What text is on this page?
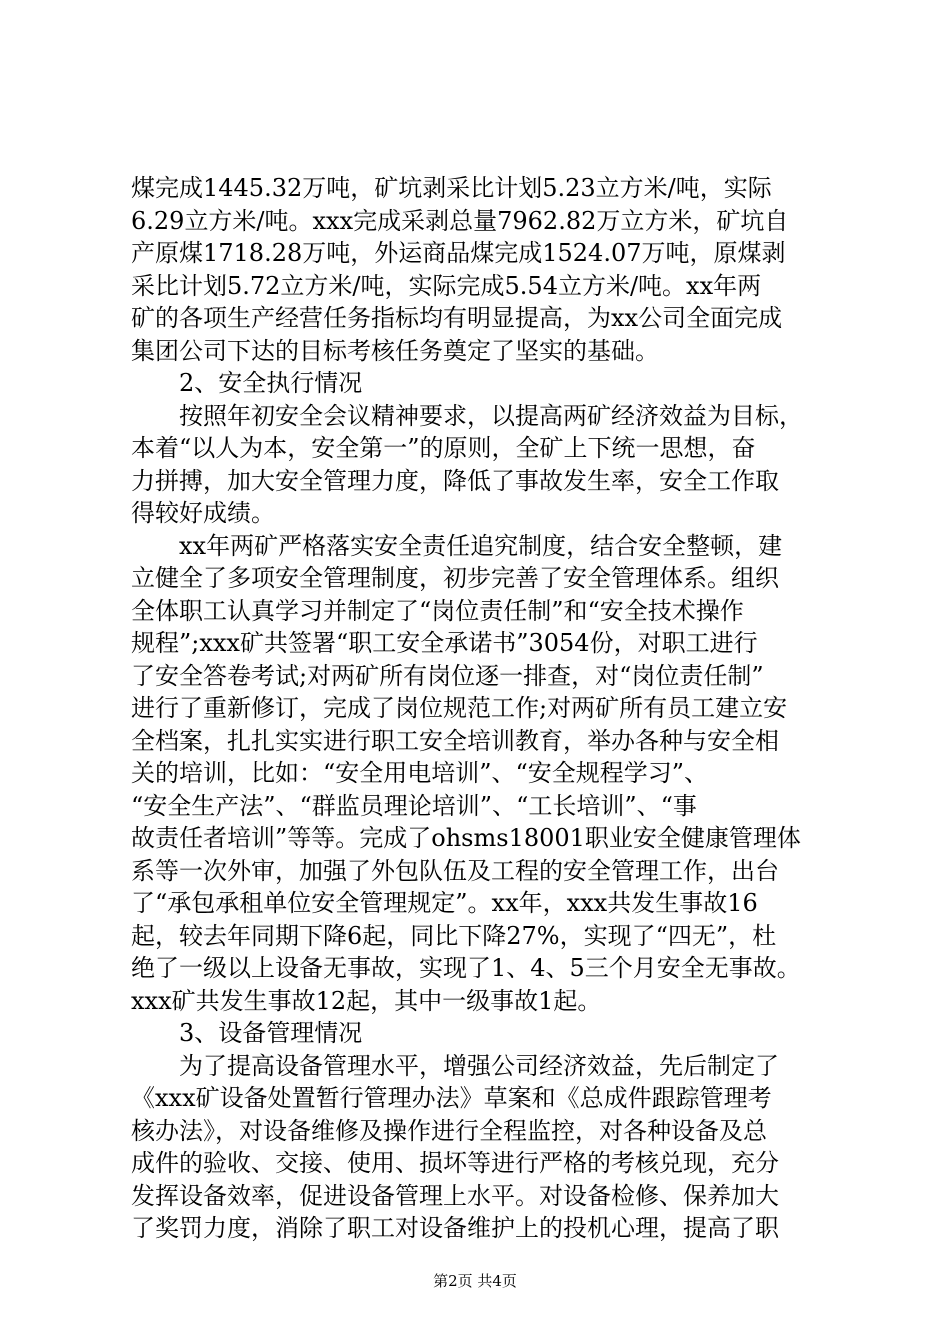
煤完成1445.32万吨，矿坑剥采比计划5.23立方米/吨，实际
6.29立方米/吨。xxx完成采剥总量7962.82万立方米，矿坑自
产原煤1718.28万吨，外运商品煤完成1524.07万吨，原煤剥
采比计划5.72立方米/吨，实际完成5.54立方米/吨。xx年两
矿的各项生产经营任务指标均有明显提高，为xx公司全面完成
集团公司下达的目标考核任务奠定了坚实的基础。
　　2、安全执行情况
　　按照年初安全会议精神要求，以提高两矿经济效益为目标，
本着“以人为本，安全第一”的原则，全矿上下统一思想，奋
力拼搏，加大安全管理力度，降低了事故发生率，安全工作取
得较好成绩。
　　xx年两矿严格落实安全责任追究制度，结合安全整顿，建
立健全了多项安全管理制度，初步完善了安全管理体系。组织
全体职工认真学习并制定了“岗位责任制”和“安全技术操作
规程”;xxx矿共签署“职工安全承诺书”3054份，对职工进行
了安全答卷考试;对两矿所有岗位逐一排查，对“岗位责任制”
进行了重新修订，完成了岗位规范工作;对两矿所有员工建立安
全档案，扎扎实实进行职工安全培训教育，举办各种与安全相
关的培训，比如：“安全用电培训”、“安全规程学习”、
“安全生产法”、“群监员理论培训”、“工长培训”、“事
故责任者培训”等等。完成了ohsms18001职业安全健康管理体
系等一次外审，加强了外包队伍及工程的安全管理工作，出台
了“承包承租单位安全管理规定”。xx年，xxx共发生事故16
起，较去年同期下降6起，同比下降27%，实现了“四无”，杜
绝了一级以上设备无事故，实现了1、4、5三个月安全无事故。
xxx矿共发生事故12起，其中一级事故1起。
　　3、设备管理情况
　　为了提高设备管理水平，增强公司经济效益，先后制定了
《xxx矿设备处置暂行管理办法》草案和《总成件跟踪管理考
核办法》，对设备维修及操作进行全程监控，对各种设备及总
成件的验收、交接、使用、损坏等进行严格的考核兑现，充分
发挥设备效率，促进设备管理上水平。对设备检修、保养加大
了奖罚力度，消除了职工对设备维护上的投机心理，提高了职
第2页 共4页
